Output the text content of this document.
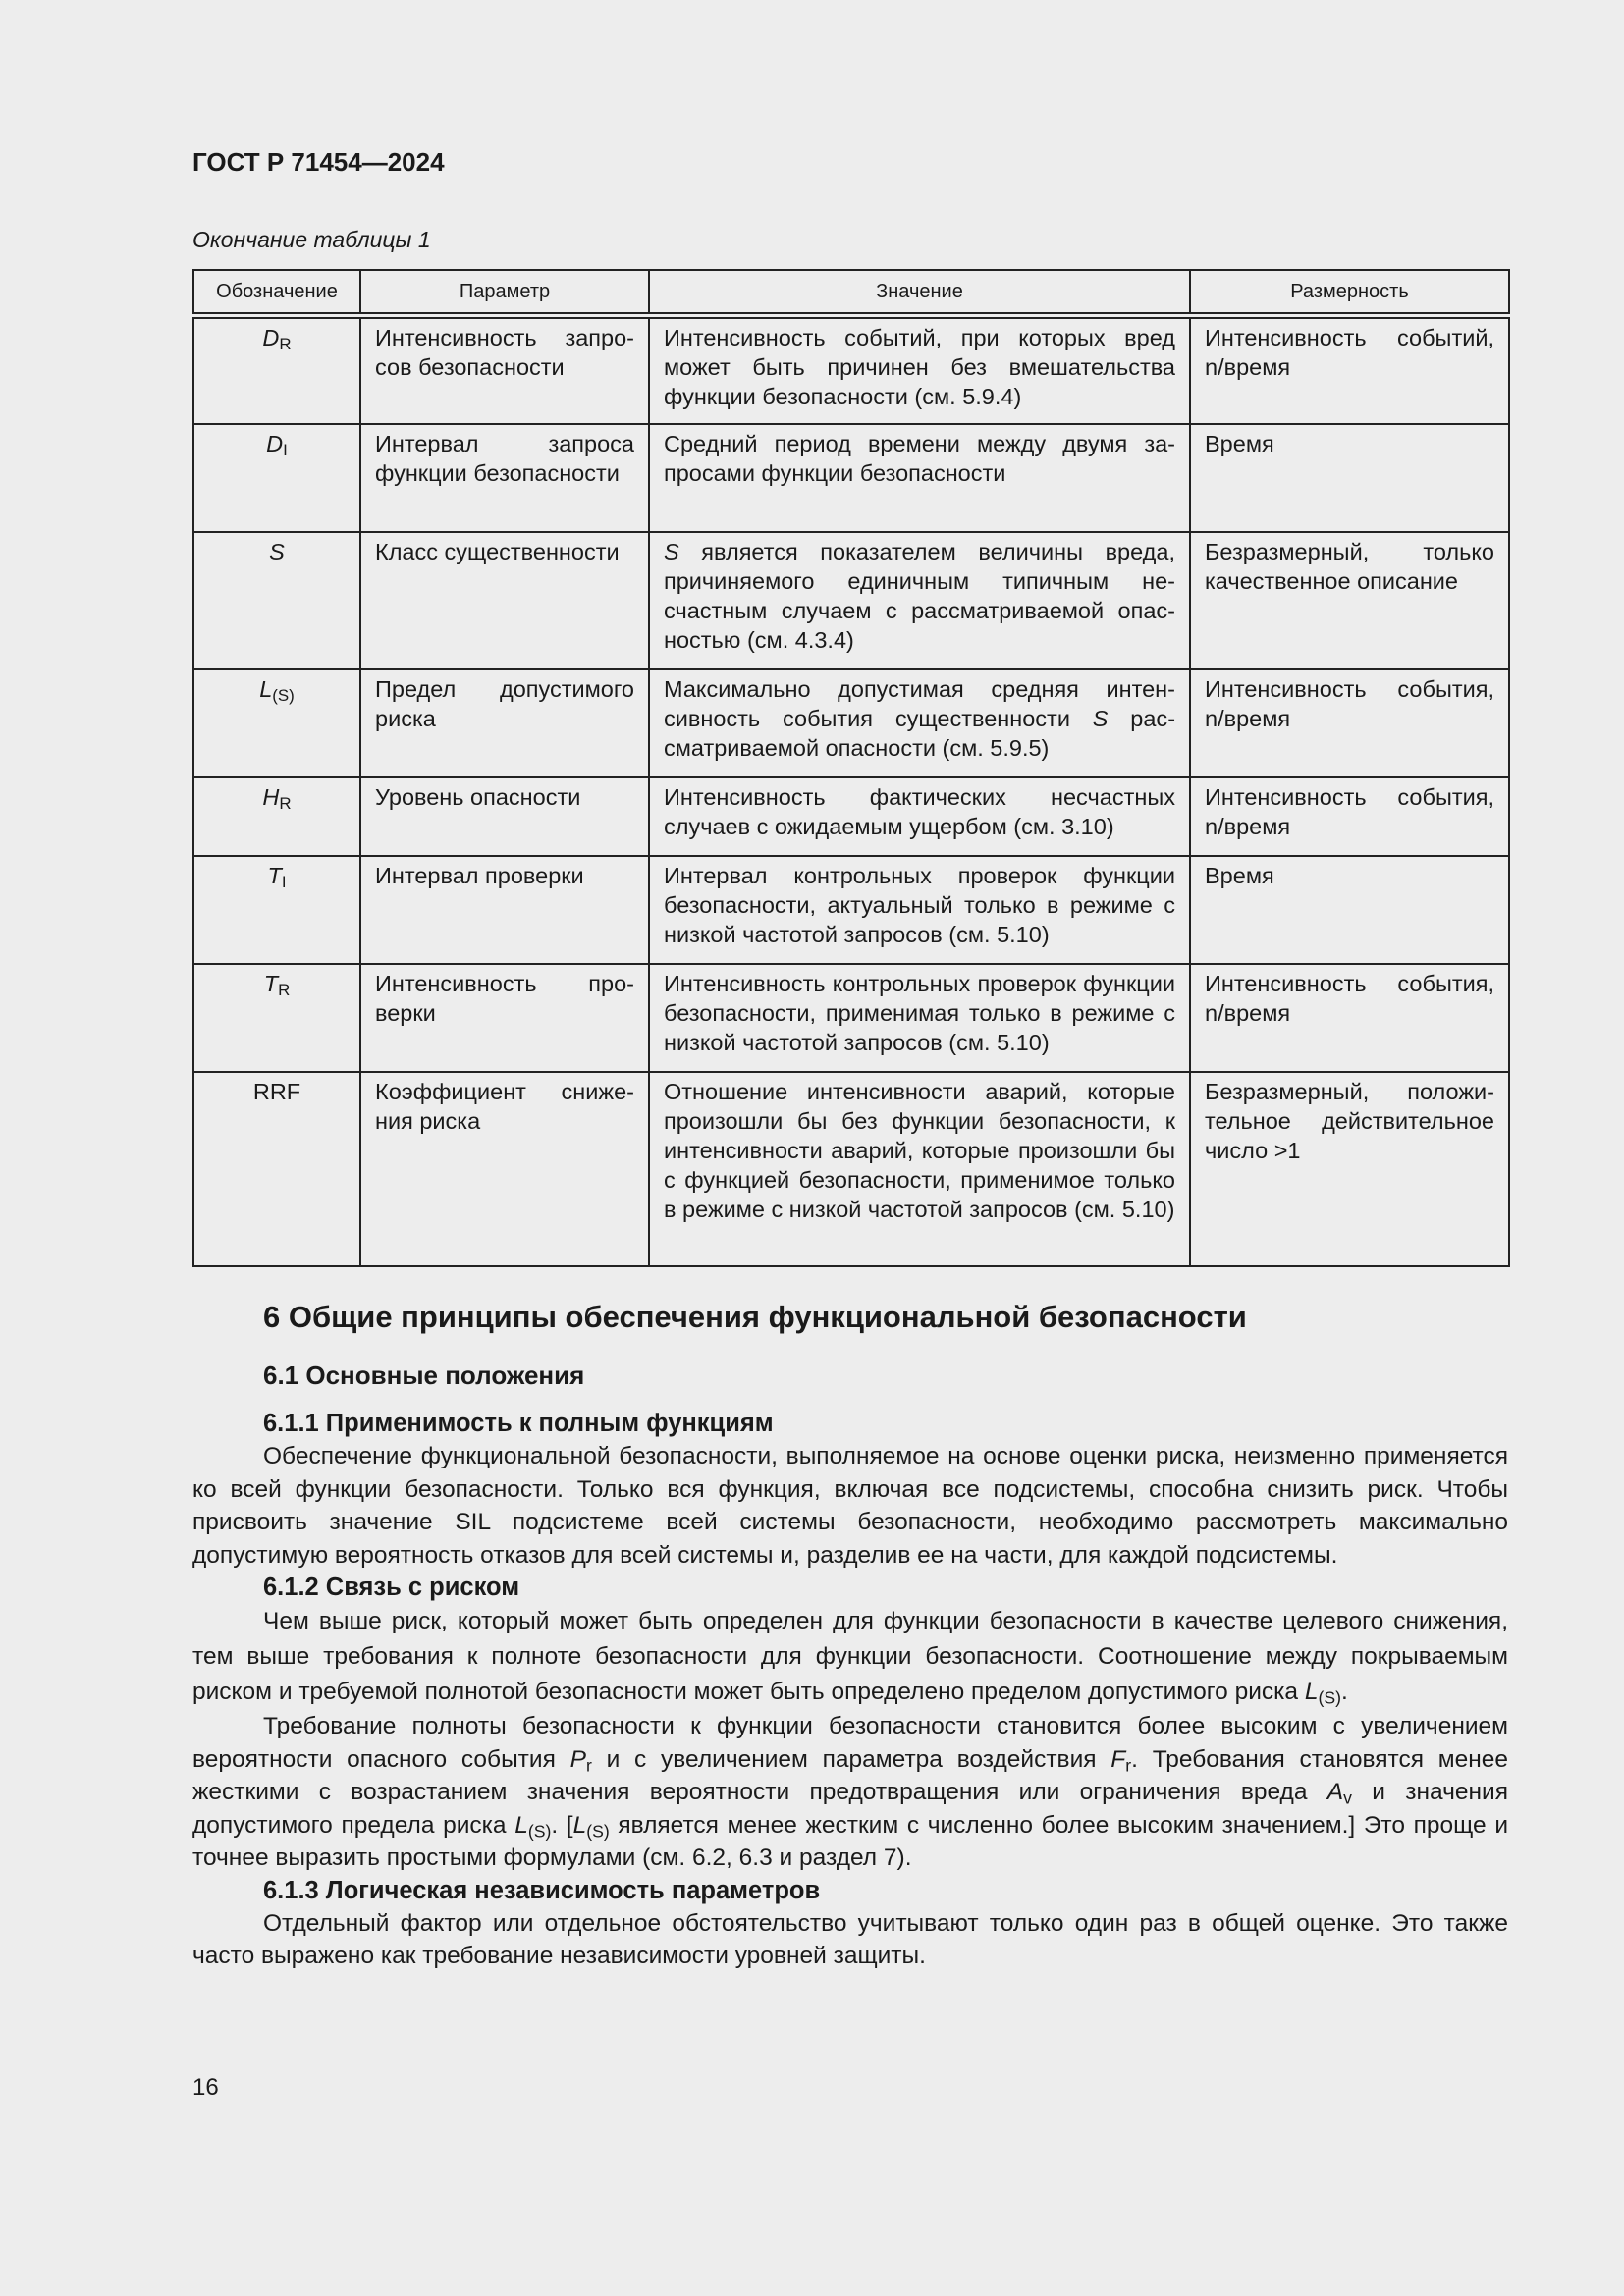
ГОСТ Р 71454—2024
Окончание таблицы 1
Обозначение	Параметр	Значение	Размерность
$D_R$	Интенсивность запросов безопасности	Интенсивность событий, при которых вред может быть причинен без вмешательства функции безопасности (см. 5.9.4)	Интенсивность событий, n/время
$D_I$	Интервал запроса функции безопасности	Средний период времени между двумя запросами функции безопасности	Время
S	Класс существенности	S является показателем величины вреда, причиняемого единичным типичным несчастным случаем с рассматриваемой опасностью (см. 4.3.4)	Безразмерный, только качественное описание
$L_{(S)}$	Предел допустимого риска	Максимально допустимая средняя интенсивность события существенности S рассматриваемой опасности (см. 5.9.5)	Интенсивность события, n/время
$H_R$	Уровень опасности	Интенсивность фактических несчастных случаев с ожидаемым ущербом (см. 3.10)	Интенсивность события, n/время
$T_I$	Интервал проверки	Интервал контрольных проверок функции безопасности, актуальный только в режиме с низкой частотой запросов (см. 5.10)	Время
$T_R$	Интенсивность проверки	Интенсивность контрольных проверок функции безопасности, применимая только в режиме с низкой частотой запросов (см. 5.10)	Интенсивность события, n/время
RRF	Коэффициент снижения риска	Отношение интенсивности аварий, которые произошли бы без функции безопасности, к интенсивности аварий, которые произошли бы с функцией безопасности, применимое только в режиме с низкой частотой запросов (см. 5.10)	Безразмерный, положительное действительное число >1
6 Общие принципы обеспечения функциональной безопасности
6.1 Основные положения
6.1.1 Применимость к полным функциям

Обеспечение функциональной безопасности, выполняемое на основе оценки риска, неизменно применяется ко всей функции безопасности. Только вся функция, включая все подсистемы, способна снизить риск. Чтобы присвоить значение SIL подсистеме всей системы безопасности, необходимо рассмотреть максимально допустимую вероятность отказов для всей системы и, разделив ее на части, для каждой подсистемы.

6.1.2 Связь с риском

Чем выше риск, который может быть определен для функции безопасности в качестве целевого снижения, тем выше требования к полноте безопасности для функции безопасности. Соотношение между покрываемым риском и требуемой полнотой безопасности может быть определено пределом допустимого риска $L_{(S)}$.

Требование полноты безопасности к функции безопасности становится более высоким с увеличением вероятности опасного события $P_r$ и с увеличением параметра воздействия $F_r$. Требования становятся менее жесткими с возрастанием значения вероятности предотвращения или ограничения вреда $A_v$ и значения допустимого предела риска $L_{(S)}$. [$L_{(S)}$ является менее жестким с численно более высоким значением.] Это проще и точнее выразить простыми формулами (см. 6.2, 6.3 и раздел 7).

6.1.3 Логическая независимость параметров

Отдельный фактор или отдельное обстоятельство учитывают только один раз в общей оценке. Это также часто выражено как требование независимости уровней защиты.

16
